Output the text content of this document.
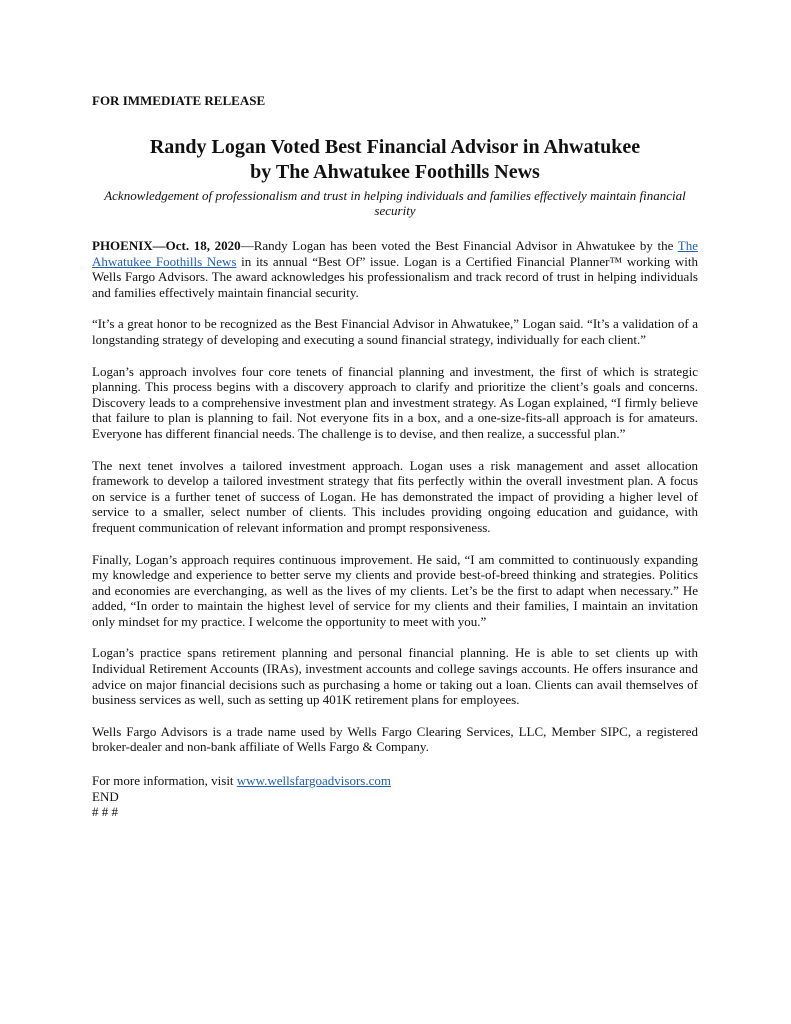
FOR IMMEDIATE RELEASE
Randy Logan Voted Best Financial Advisor in Ahwatukee
by The Ahwatukee Foothills News

Acknowledgement of professionalism and trust in helping individuals and families effectively maintain financial security

PHOENIX—Oct. 18, 2020—Randy Logan has been voted the Best Financial Advisor in Ahwatukee by the The Ahwatukee Foothills News in its annual “Best Of” issue. Logan is a Certified Financial Planner™ working with Wells Fargo Advisors. The award acknowledges his professionalism and track record of trust in helping individuals and families effectively maintain financial security.

“It’s a great honor to be recognized as the Best Financial Advisor in Ahwatukee,” Logan said. “It’s a validation of a longstanding strategy of developing and executing a sound financial strategy, individually for each client.”

Logan’s approach involves four core tenets of financial planning and investment, the first of which is strategic planning. This process begins with a discovery approach to clarify and prioritize the client’s goals and concerns. Discovery leads to a comprehensive investment plan and investment strategy. As Logan explained, “I firmly believe that failure to plan is planning to fail. Not everyone fits in a box, and a one-size-fits-all approach is for amateurs. Everyone has different financial needs. The challenge is to devise, and then realize, a successful plan.”

The next tenet involves a tailored investment approach. Logan uses a risk management and asset allocation framework to develop a tailored investment strategy that fits perfectly within the overall investment plan. A focus on service is a further tenet of success of Logan. He has demonstrated the impact of providing a higher level of service to a smaller, select number of clients. This includes providing ongoing education and guidance, with frequent communication of relevant information and prompt responsiveness.

Finally, Logan’s approach requires continuous improvement. He said, “I am committed to continuously expanding my knowledge and experience to better serve my clients and provide best-of-breed thinking and strategies. Politics and economies are everchanging, as well as the lives of my clients. Let’s be the first to adapt when necessary.” He added, “In order to maintain the highest level of service for my clients and their families, I maintain an invitation only mindset for my practice. I welcome the opportunity to meet with you.”

Logan’s practice spans retirement planning and personal financial planning. He is able to set clients up with Individual Retirement Accounts (IRAs), investment accounts and college savings accounts. He offers insurance and advice on major financial decisions such as purchasing a home or taking out a loan. Clients can avail themselves of business services as well, such as setting up 401K retirement plans for employees.

Wells Fargo Advisors is a trade name used by Wells Fargo Clearing Services, LLC, Member SIPC, a registered broker-dealer and non-bank affiliate of Wells Fargo & Company.

For more information, visit www.wellsfargoadvisors.com
END
# # #
